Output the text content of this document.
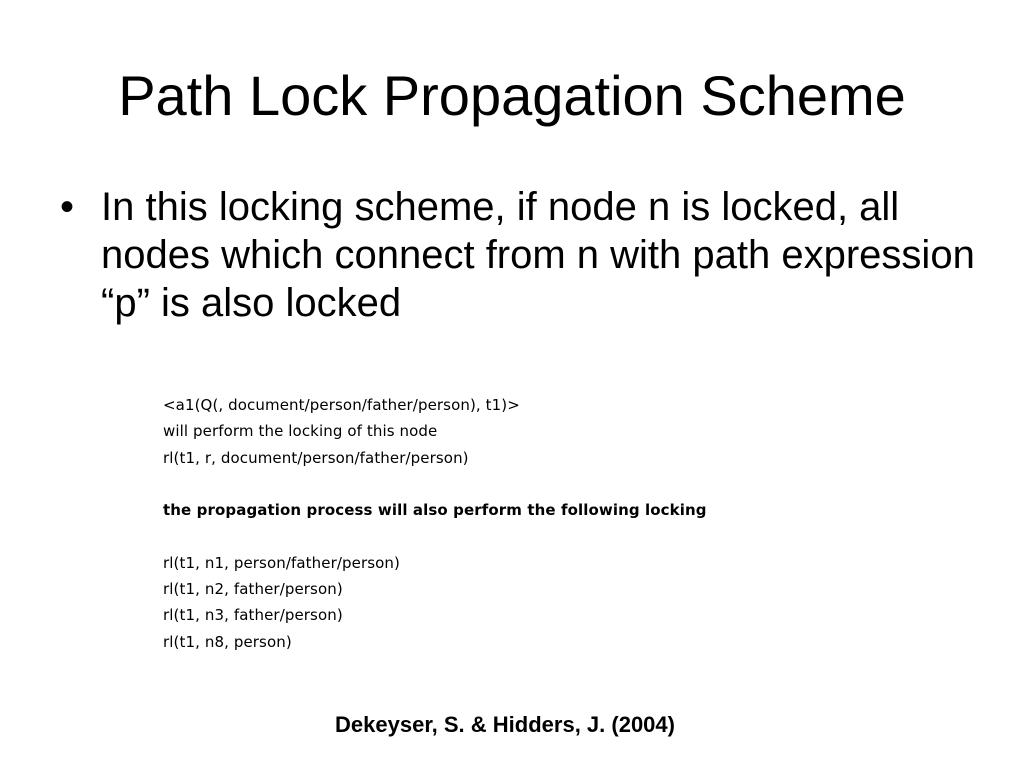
Path Lock Propagation Scheme
• In this locking scheme, if node n is locked, all nodes which connect from n with path expression “p” is also locked
<a1(Q(, document/person/father/person), t1)>
will perform the locking of this node
rl(t1, r, document/person/father/person)
the propagation process will also perform the following locking
rl(t1, n1, person/father/person)
rl(t1, n2, father/person)
rl(t1, n3, father/person)
rl(t1, n8, person)
Dekeyser, S. & Hidders, J. (2004)
